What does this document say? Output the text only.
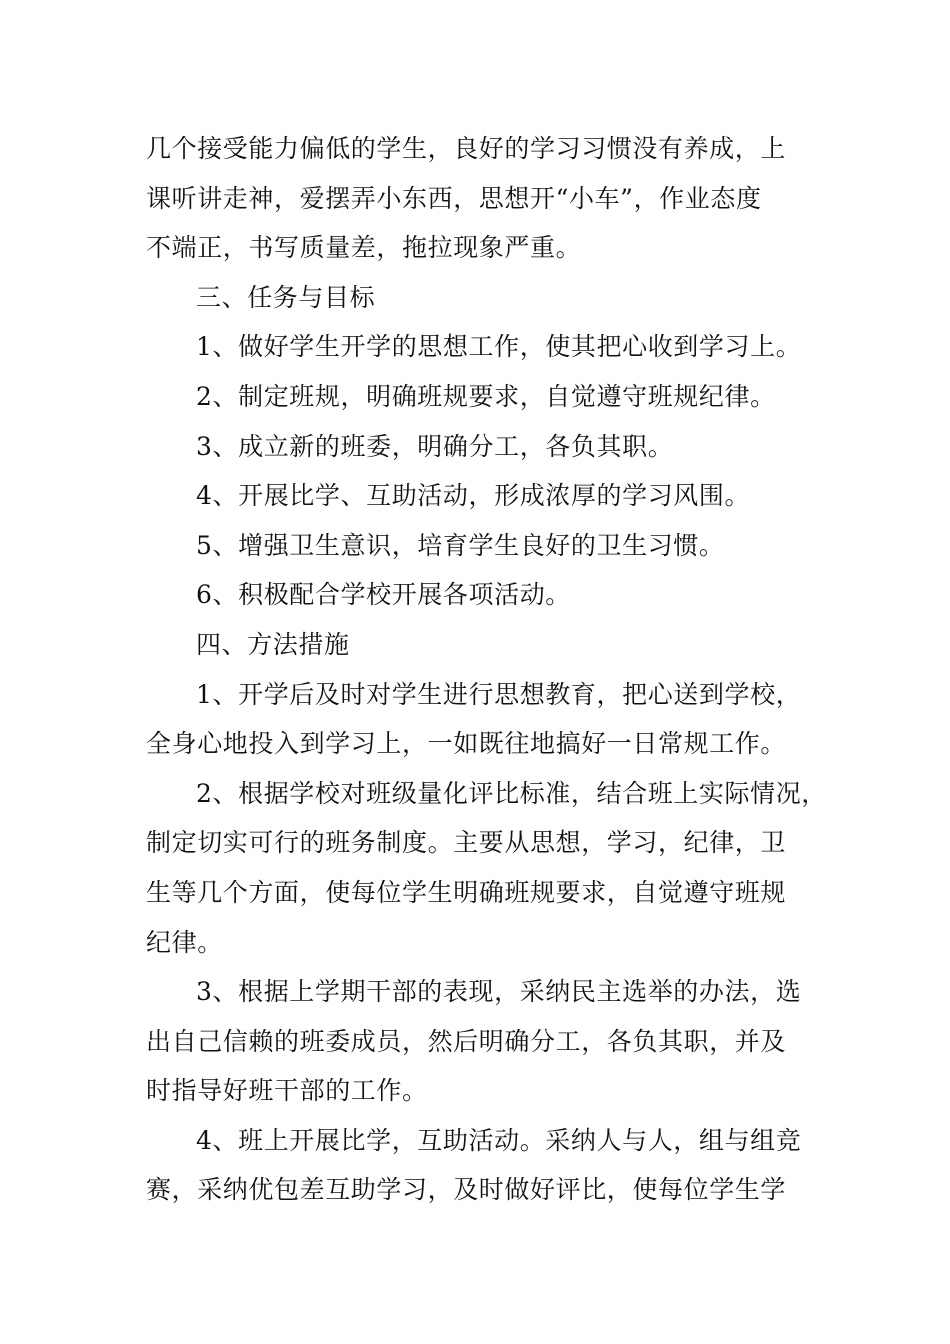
几个接受能力偏低的学生，良好的学习习惯没有养成，上
课听讲走神，爱摆弄小东西，思想开“小车”，作业态度
不端正，书写质量差，拖拉现象严重。
三、任务与目标
1、做好学生开学的思想工作，使其把心收到学习上。
2、制定班规，明确班规要求，自觉遵守班规纪律。
3、成立新的班委，明确分工，各负其职。
4、开展比学、互助活动，形成浓厚的学习风围。
5、增强卫生意识，培育学生良好的卫生习惯。
6、积极配合学校开展各项活动。
四、方法措施
1、开学后及时对学生进行思想教育，把心送到学校，
全身心地投入到学习上，一如既往地搞好一日常规工作。
2、根据学校对班级量化评比标准，结合班上实际情况，
制定切实可行的班务制度。主要从思想，学习，纪律，卫
生等几个方面，使每位学生明确班规要求，自觉遵守班规
纪律。
3、根据上学期干部的表现，采纳民主选举的办法，选
出自己信赖的班委成员，然后明确分工，各负其职，并及
时指导好班干部的工作。
4、班上开展比学，互助活动。采纳人与人，组与组竞
赛，采纳优包差互助学习，及时做好评比，使每位学生学
